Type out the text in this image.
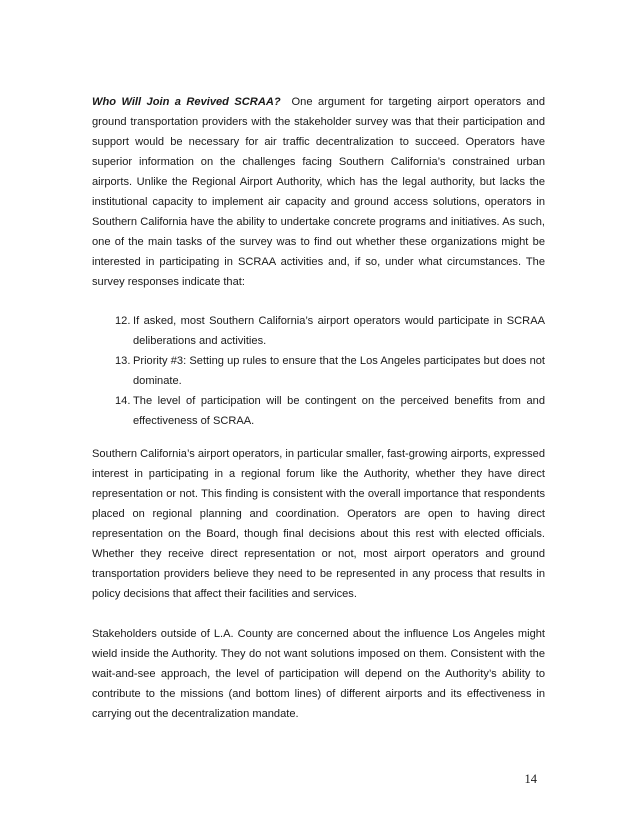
Who Will Join a Revived SCRAA? One argument for targeting airport operators and ground transportation providers with the stakeholder survey was that their participation and support would be necessary for air traffic decentralization to succeed. Operators have superior information on the challenges facing Southern California’s constrained urban airports. Unlike the Regional Airport Authority, which has the legal authority, but lacks the institutional capacity to implement air capacity and ground access solutions, operators in Southern California have the ability to undertake concrete programs and initiatives. As such, one of the main tasks of the survey was to find out whether these organizations might be interested in participating in SCRAA activities and, if so, under what circumstances. The survey responses indicate that:

12. If asked, most Southern California’s airport operators would participate in SCRAA deliberations and activities.
13. Priority #3: Setting up rules to ensure that the Los Angeles participates but does not dominate.
14. The level of participation will be contingent on the perceived benefits from and effectiveness of SCRAA.

Southern California’s airport operators, in particular smaller, fast-growing airports, expressed interest in participating in a regional forum like the Authority, whether they have direct representation or not. This finding is consistent with the overall importance that respondents placed on regional planning and coordination. Operators are open to having direct representation on the Board, though final decisions about this rest with elected officials. Whether they receive direct representation or not, most airport operators and ground transportation providers believe they need to be represented in any process that results in policy decisions that affect their facilities and services.

Stakeholders outside of L.A. County are concerned about the influence Los Angeles might wield inside the Authority. They do not want solutions imposed on them. Consistent with the wait-and-see approach, the level of participation will depend on the Authority’s ability to contribute to the missions (and bottom lines) of different airports and its effectiveness in carrying out the decentralization mandate.

14
